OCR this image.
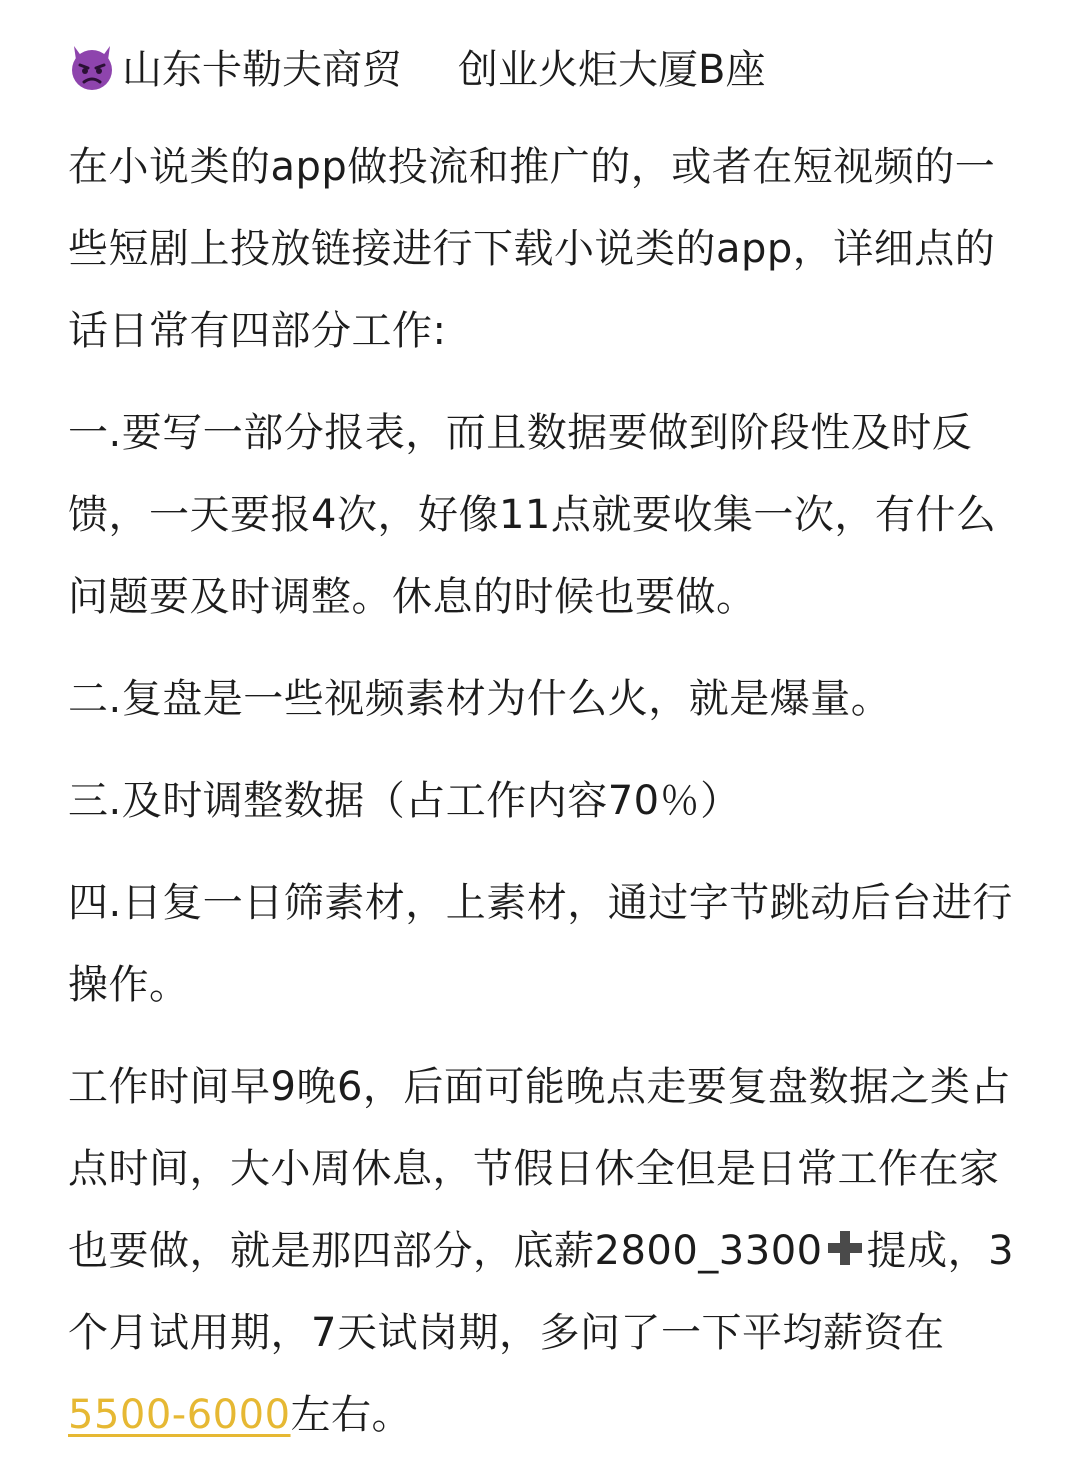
山东卡勒夫商贸 创业火炬大厦B座

在小说类的app做投流和推广的，或者在短视频的一些短剧上投放链接进行下载小说类的app，详细点的话日常有四部分工作:

一.要写一部分报表，而且数据要做到阶段性及时反馈，一天要报4次，好像11点就要收集一次，有什么问题要及时调整。休息的时候也要做。

二.复盘是一些视频素材为什么火，就是爆量。

三.及时调整数据（占工作内容70％）

四.日复一日筛素材，上素材，通过字节跳动后台进行操作。

工作时间早9晚6，后面可能晚点走要复盘数据之类占点时间，大小周休息，节假日休全但是日常工作在家也要做，就是那四部分，底薪2800_3300 提成，3个月试用期，7天试岗期，多问了一下平均薪资在5500-6000左右。
